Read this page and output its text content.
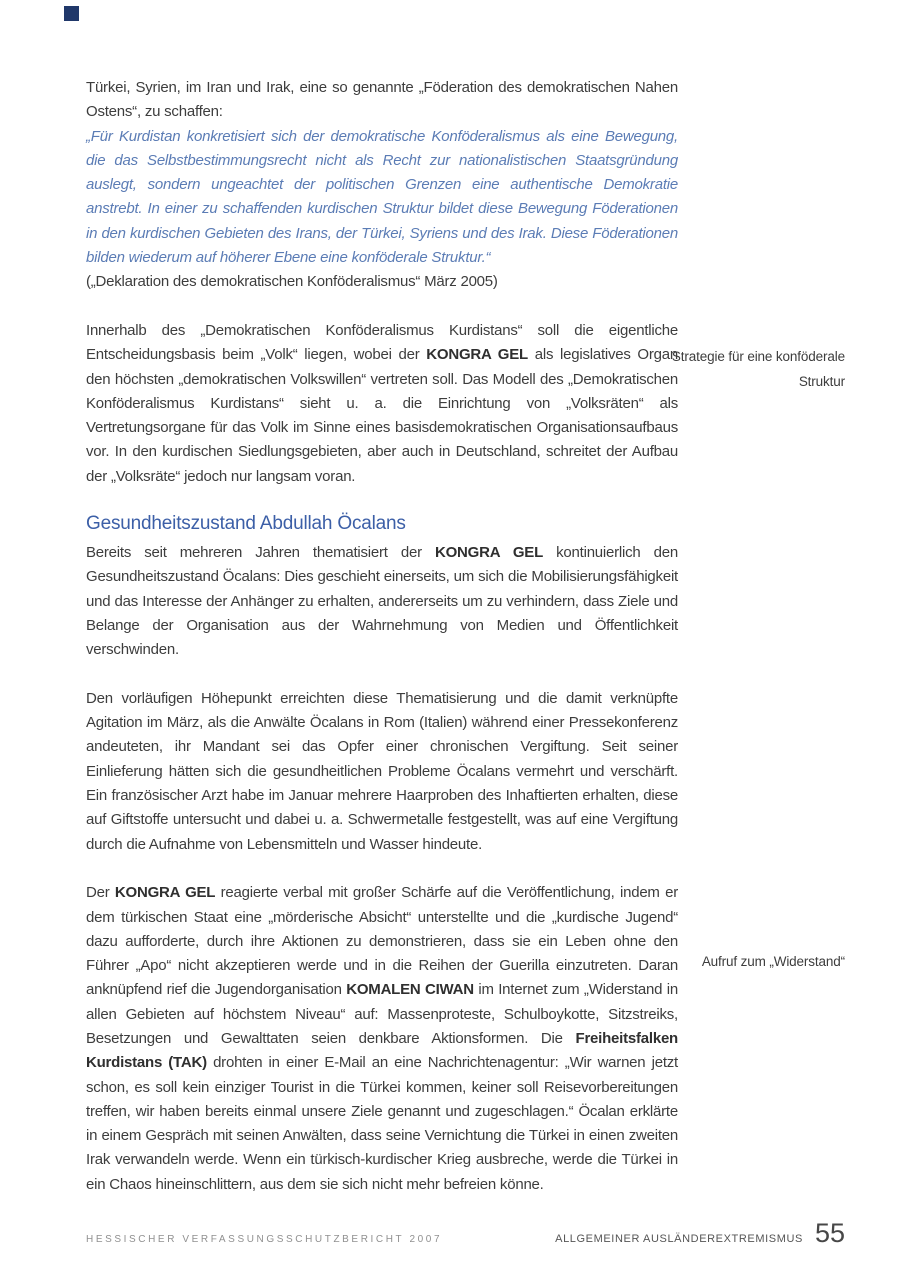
Türkei, Syrien, im Iran und Irak, eine so genannte „Föderation des demokratischen Nahen Ostens“, zu schaffen:

„Für Kurdistan konkretisiert sich der demokratische Konföderalismus als eine Bewegung, die das Selbstbestimmungsrecht nicht als Recht zur nationalistischen Staatsgründung auslegt, sondern ungeachtet der politischen Grenzen eine authentische Demokratie anstrebt. In einer zu schaffenden kurdischen Struktur bildet diese Bewegung Föderationen in den kurdischen Gebieten des Irans, der Türkei, Syriens und des Irak. Diese Föderationen bilden wiederum auf höherer Ebene eine konföderale Struktur.“

(„Deklaration des demokratischen Konföderalismus“ März 2005)

Innerhalb des „Demokratischen Konföderalismus Kurdistans“ soll die eigentliche Entscheidungsbasis beim „Volk“ liegen, wobei der KONGRA GEL als legislatives Organ den höchsten „demokratischen Volkswillen“ vertreten soll. Das Modell des „Demokratischen Konföderalismus Kurdistans“ sieht u. a. die Einrichtung von „Volksräten“ als Vertretungsorgane für das Volk im Sinne eines basisdemokratischen Organisationsaufbaus vor. In den kurdischen Siedlungsgebieten, aber auch in Deutschland, schreitet der Aufbau der „Volksräte“ jedoch nur langsam voran.

Gesundheitszustand Abdullah Öcalans

Bereits seit mehreren Jahren thematisiert der KONGRA GEL kontinuierlich den Gesundheitszustand Öcalans: Dies geschieht einerseits, um sich die Mobilisierungsfähigkeit und das Interesse der Anhänger zu erhalten, andererseits um zu verhindern, dass Ziele und Belange der Organisation aus der Wahrnehmung von Medien und Öffentlichkeit verschwinden.

Den vorläufigen Höhepunkt erreichten diese Thematisierung und die damit verknüpfte Agitation im März, als die Anwälte Öcalans in Rom (Italien) während einer Pressekonferenz andeuteten, ihr Mandant sei das Opfer einer chronischen Vergiftung. Seit seiner Einlieferung hätten sich die gesundheitlichen Probleme Öcalans vermehrt und verschärft. Ein französischer Arzt habe im Januar mehrere Haarproben des Inhaftierten erhalten, diese auf Giftstoffe untersucht und dabei u. a. Schwermetalle festgestellt, was auf eine Vergiftung durch die Aufnahme von Lebensmitteln und Wasser hindeute.

Der KONGRA GEL reagierte verbal mit großer Schärfe auf die Veröffentlichung, indem er dem türkischen Staat eine „mörderische Absicht“ unterstellte und die „kurdische Jugend“ dazu aufforderte, durch ihre Aktionen zu demonstrieren, dass sie ein Leben ohne den Führer „Apo“ nicht akzeptieren werde und in die Reihen der Guerilla einzutreten. Daran anknüpfend rief die Jugendorganisation KOMALEN CIWAN im Internet zum „Widerstand in allen Gebieten auf höchstem Niveau“ auf: Massenproteste, Schulboykotte, Sitzstreiks, Besetzungen und Gewalttaten seien denkbare Aktionsformen. Die Freiheitsfalken Kurdistans (TAK) drohten in einer E-Mail an eine Nachrichtenagentur: „Wir warnen jetzt schon, es soll kein einziger Tourist in die Türkei kommen, keiner soll Reisevorbereitungen treffen, wir haben bereits einmal unsere Ziele genannt und zugeschlagen.“ Öcalan erklärte in einem Gespräch mit seinen Anwälten, dass seine Vernichtung die Türkei in einen zweiten Irak verwandeln werde. Wenn ein türkisch-kurdischer Krieg ausbreche, werde die Türkei in ein Chaos hineinschlittern, aus dem sie sich nicht mehr befreien könne.

Strategie für eine konföderale Struktur
Aufruf zum „Widerstand“
HESSISCHER VERFASSUNGSSCHUTZBERICHT 2007	ALLGEMEINER AUSLÄNDEREXTREMISMUS 55
